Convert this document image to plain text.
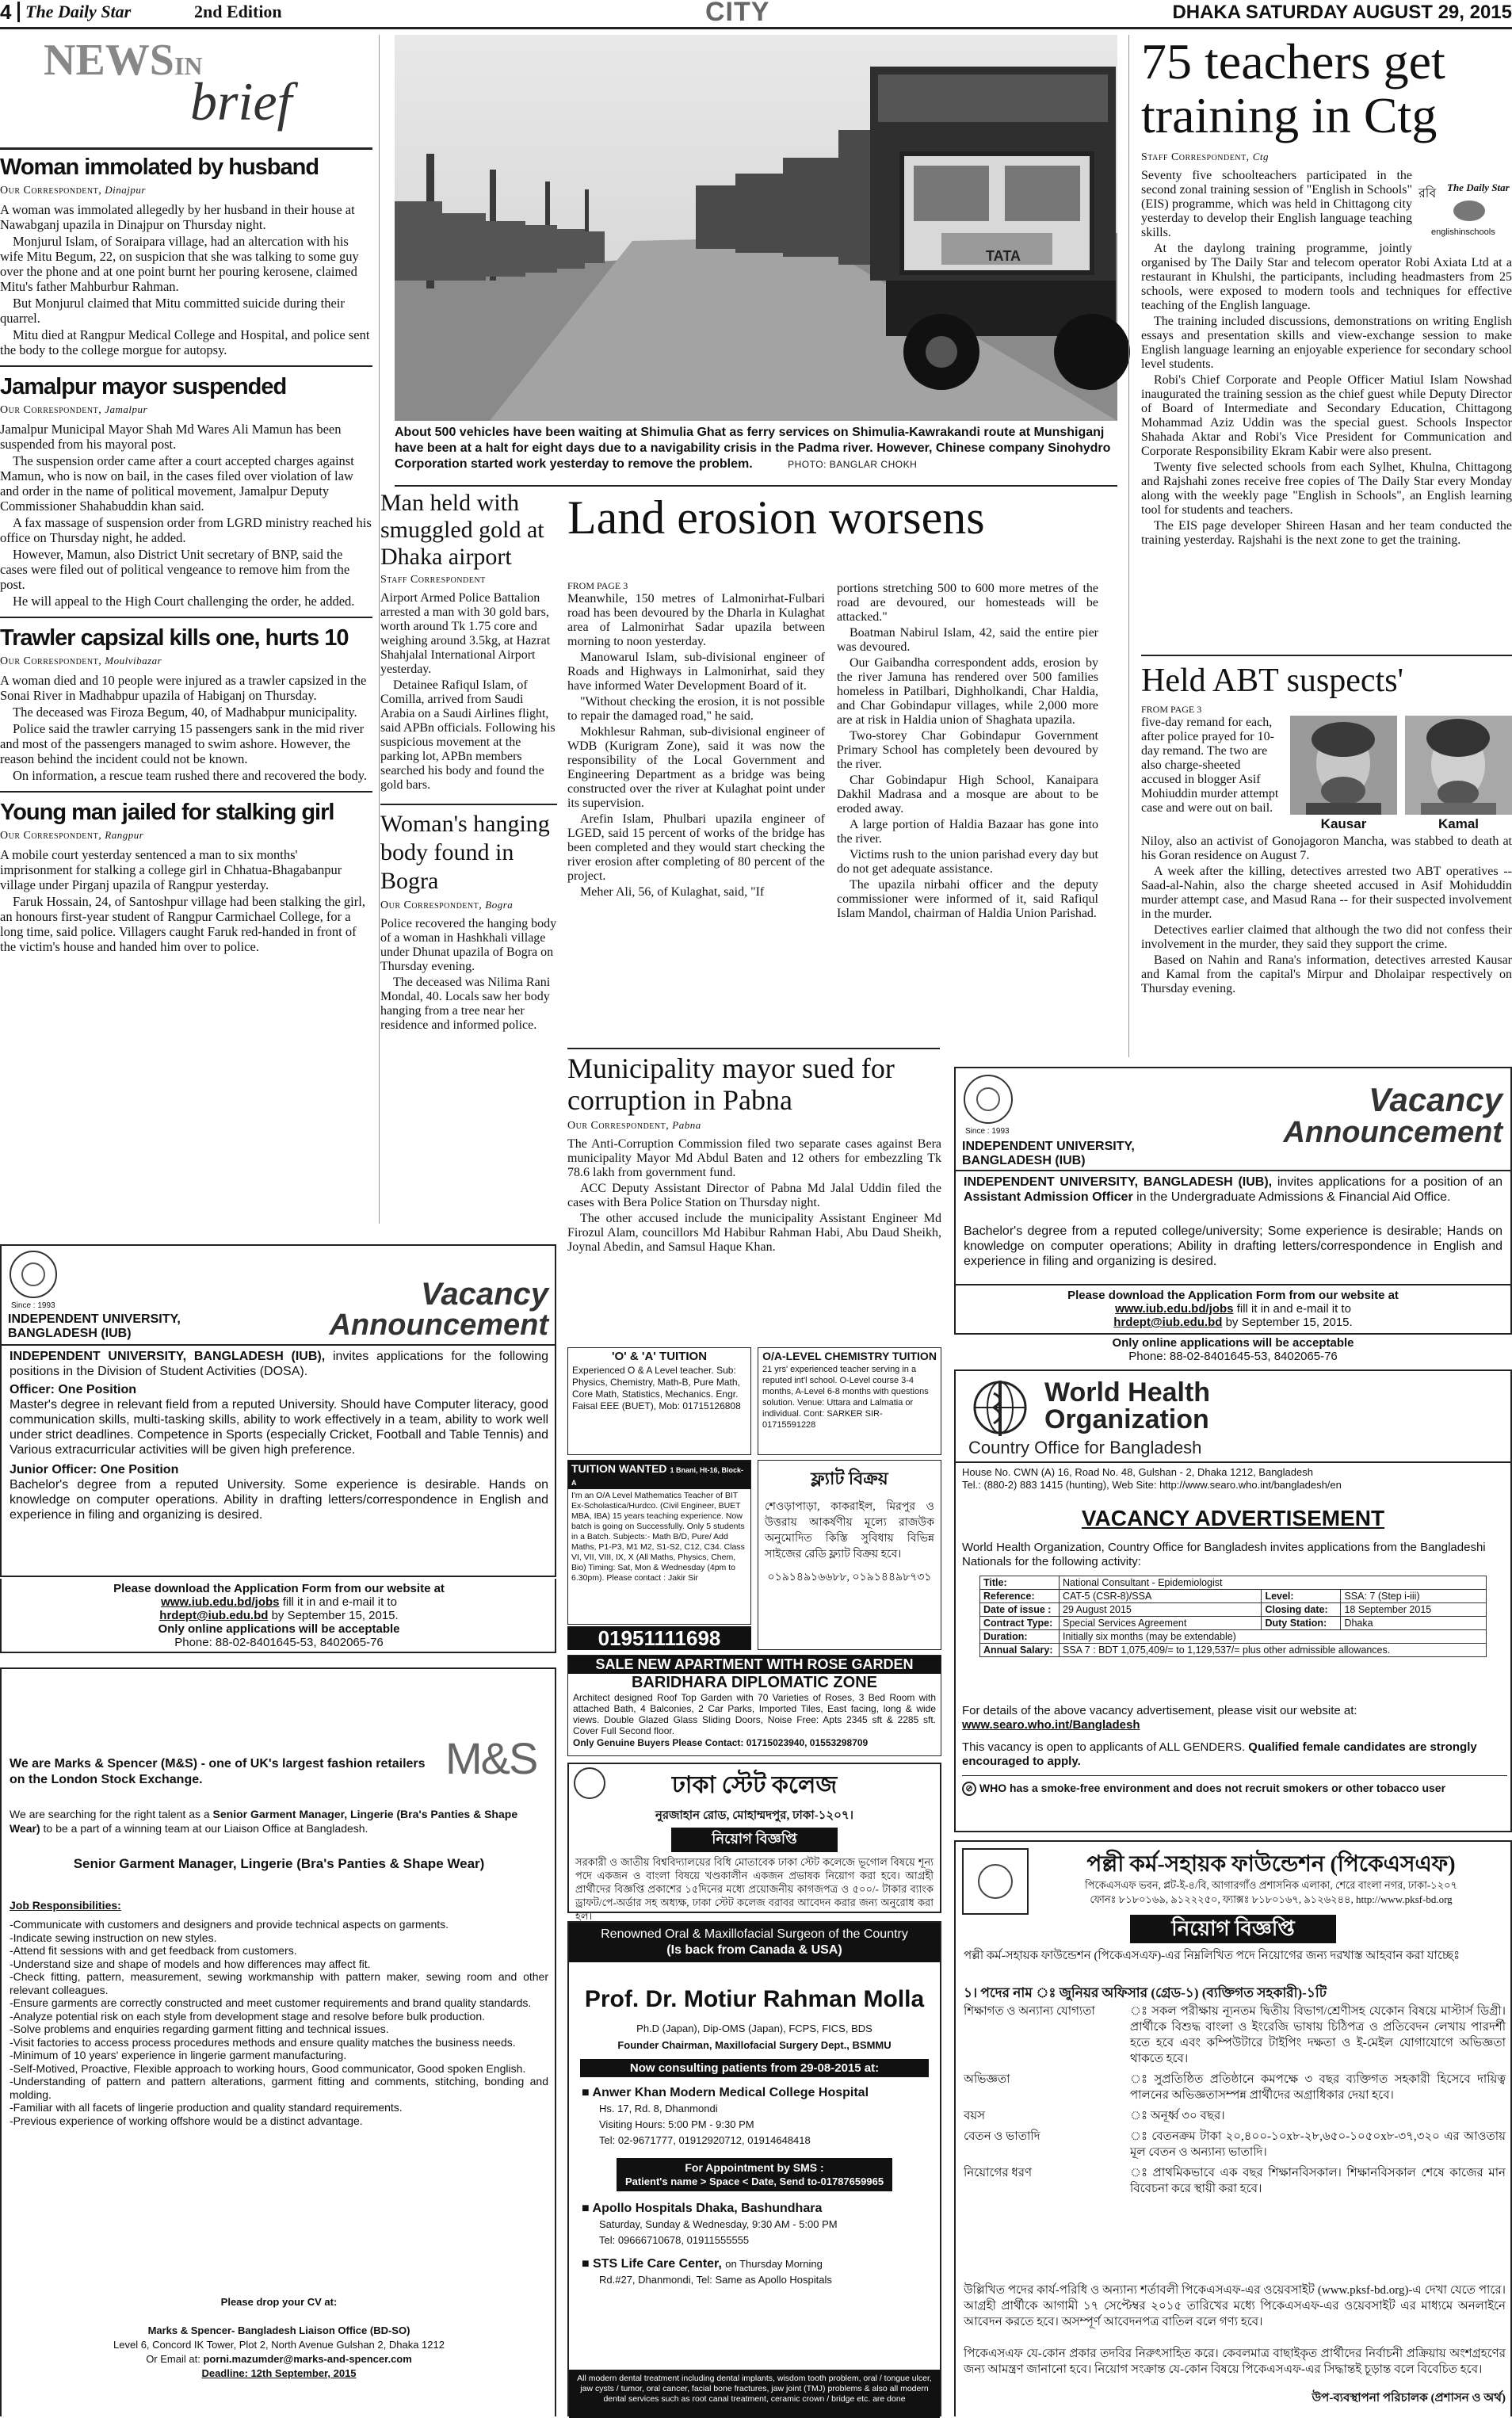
4 The Daily Star	2nd Edition	CITY	DHAKA SATURDAY AUGUST 29, 2015
NEWSIN
brief
Woman immolated by husband
Our Correspondent, Dinajpur

A woman was immolated allegedly by her husband in their house at Nawabganj upazila in Dinajpur on Thursday night.

Monjurul Islam, of Soraipara village, had an altercation with his wife Mitu Begum, 22, on suspicion that she was talking to some guy over the phone and at one point burnt her pouring kerosene, claimed Mitu's father Mahburbur Rahman.

But Monjurul claimed that Mitu committed suicide during their quarrel.

Mitu died at Rangpur Medical College and Hospital, and police sent the body to the college morgue for autopsy.

Jamalpur mayor suspended
Our Correspondent, Jamalpur

Jamalpur Municipal Mayor Shah Md Wares Ali Mamun has been suspended from his mayoral post.

The suspension order came after a court accepted charges against Mamun, who is now on bail, in the cases filed over violation of law and order in the name of political movement, Jamalpur Deputy Commissioner Shahabuddin khan said.

A fax massage of suspension order from LGRD ministry reached his office on Thursday night, he added.

However, Mamun, also District Unit secretary of BNP, said the cases were filed out of political vengeance to remove him from the post.

He will appeal to the High Court challenging the order, he added.

Trawler capsizal kills one, hurts 10
Our Correspondent, Moulvibazar

A woman died and 10 people were injured as a trawler capsized in the Sonai River in Madhabpur upazila of Habiganj on Thursday.

The deceased was Firoza Begum, 40, of Madhabpur municipality.

Police said the trawler carrying 15 passengers sank in the mid river and most of the passengers managed to swim ashore. However, the reason behind the incident could not be known.

On information, a rescue team rushed there and recovered the body.

Young man jailed for stalking girl
Our Correspondent, Rangpur

A mobile court yesterday sentenced a man to six months' imprisonment for stalking a college girl in Chhatua-Bhagabanpur village under Pirganj upazila of Rangpur yesterday.

Faruk Hossain, 24, of Santoshpur village had been stalking the girl, an honours first-year student of Rangpur Carmichael College, for a long time, said police. Villagers caught Faruk red-handed in front of the victim's house and handed him over to police.

TATA
About 500 vehicles have been waiting at Shimulia Ghat as ferry services on Shimulia-Kawrakandi route at Munshiganj have been at a halt for eight days due to a navigability crisis in the Padma river. However, Chinese company Sinohydro Corporation started work yesterday to remove the problem.	PHOTO: BANGLAR CHOKH
Man held with smuggled gold at Dhaka airport
Staff Correspondent

Airport Armed Police Battalion arrested a man with 30 gold bars, worth around Tk 1.75 core and weighing around 3.5kg, at Hazrat Shahjalal International Airport yesterday.

Detainee Rafiqul Islam, of Comilla, arrived from Saudi Arabia on a Saudi Airlines flight, said APBn officials. Following his suspicious movement at the parking lot, APBn members searched his body and found the gold bars.

Woman's hanging body found in Bogra
Our Correspondent, Bogra

Police recovered the hanging body of a woman in Hashkhali village under Dhunat upazila of Bogra on Thursday evening.

The deceased was Nilima Rani Mondal, 40. Locals saw her body hanging from a tree near her residence and informed police.

Land erosion worsens
FROM PAGE 3

Meanwhile, 150 metres of Lalmonirhat-Fulbari road has been devoured by the Dharla in Kulaghat area of Lalmonirhat Sadar upazila between morning to noon yesterday.

Manowarul Islam, sub-divisional engineer of Roads and Highways in Lalmonirhat, said they have informed Water Development Board of it.

"Without checking the erosion, it is not possible to repair the damaged road," he said.

Mokhlesur Rahman, sub-divisional engineer of WDB (Kurigram Zone), said it was now the responsibility of the Local Government and Engineering Department as a bridge was being constructed over the river at Kulaghat point under its supervision.

Arefin Islam, Phulbari upazila engineer of LGED, said 15 percent of works of the bridge has been completed and they would start checking the river erosion after completing of 80 percent of the project.

Meher Ali, 56, of Kulaghat, said, "If

portions stretching 500 to 600 more metres of the road are devoured, our homesteads will be attacked."

Boatman Nabirul Islam, 42, said the entire pier was devoured.

Our Gaibandha correspondent adds, erosion by the river Jamuna has rendered over 500 families homeless in Patilbari, Dighholkandi, Char Haldia, and Char Gobindapur villages, while 2,000 more are at risk in Haldia union of Shaghata upazila.

Two-storey Char Gobindapur Government Primary School has completely been devoured by the river.

Char Gobindapur High School, Kanaipara Dakhil Madrasa and a mosque are about to be eroded away.

A large portion of Haldia Bazaar has gone into the river.

Victims rush to the union parishad every day but do not get adequate assistance.

The upazila nirbahi officer and the deputy commissioner were informed of it, said Rafiqul Islam Mandol, chairman of Haldia Union Parishad.

Municipality mayor sued for corruption in Pabna
Our Correspondent, Pabna

The Anti-Corruption Commission filed two separate cases against Bera municipality Mayor Md Abdul Baten and 12 others for embezzling Tk 78.6 lakh from government fund.

ACC Deputy Assistant Director of Pabna Md Jalal Uddin filed the cases with Bera Police Station on Thursday night.

The other accused include the municipality Assistant Engineer Md Firozul Alam, councillors Md Habibur Rahman Habi, Abu Daud Sheikh, Joynal Abedin, and Samsul Haque Khan.

75 teachers get training in Ctg
Staff Correspondent, Ctg
রবি The Daily Star
englishinschools

Seventy five schoolteachers participated in the second zonal training session of "English in Schools" (EIS) programme, which was held in Chittagong city yesterday to develop their English language teaching skills.

At the daylong training programme, jointly organised by The Daily Star and telecom operator Robi Axiata Ltd at a restaurant in Khulshi, the participants, including headmasters from 25 schools, were exposed to modern tools and techniques for effective teaching of the English language.

The training included discussions, demonstrations on writing English essays and presentation skills and view-exchange session to make English language learning an enjoyable experience for secondary school level students.

Robi's Chief Corporate and People Officer Matiul Islam Nowshad inaugurated the training session as the chief guest while Deputy Director of Board of Intermediate and Secondary Education, Chittagong Mohammad Aziz Uddin was the special guest. Schools Inspector Shahada Aktar and Robi's Vice President for Communication and Corporate Responsibility Ekram Kabir were also present.

Twenty five selected schools from each Sylhet, Khulna, Chittagong and Rajshahi zones receive free copies of The Daily Star every Monday along with the weekly page "English in Schools", an English learning tool for students and teachers.

The EIS page developer Shireen Hasan and her team conducted the training yesterday. Rajshahi is the next zone to get the training.

Held ABT suspects'
FROM PAGE 3
Kausar	Kamal

five-day remand for each, after police prayed for 10-day remand. The two are also charge-sheeted accused in blogger Asif Mohiuddin murder attempt case and were out on bail.

Niloy, also an activist of Gonojagoron Mancha, was stabbed to death at his Goran residence on August 7.

A week after the killing, detectives arrested two ABT operatives -- Saad-al-Nahin, also the charge sheeted accused in Asif Mohiduddin murder attempt case, and Masud Rana -- for their suspected involvement in the murder.

Detectives earlier claimed that although the two did not confess their involvement in the murder, they said they support the crime.

Based on Nahin and Rana's information, detectives arrested Kausar and Kamal from the capital's Mirpur and Dholaipar respectively on Thursday evening.

Since : 1993
INDEPENDENT UNIVERSITY, BANGLADESH (IUB)
Vacancy
Announcement
INDEPENDENT UNIVERSITY, BANGLADESH (IUB), invites applications for a position of an Assistant Admission Officer in the Undergraduate Admissions & Financial Aid Office.
Bachelor's degree from a reputed college/university; Some experience is desirable; Hands on knowledge on computer operations; Ability in drafting letters/correspondence in English and experience in filing and organizing is desired.
Please download the Application Form from our website at
www.iub.edu.bd/jobs fill it in and e-mail it to
hrdept@iub.edu.bd by September 15, 2015.
Only online applications will be acceptable
Phone: 88-02-8401645-53, 8402065-76
Since : 1993
INDEPENDENT UNIVERSITY, BANGLADESH (IUB)
Vacancy
Announcement
INDEPENDENT UNIVERSITY, BANGLADESH (IUB), invites applications for the following positions in the Division of Student Activities (DOSA).
Officer: One Position
Master's degree in relevant field from a reputed University. Should have Computer literacy, good communication skills, multi-tasking skills, ability to work effectively in a team, ability to work well under strict deadlines. Competence in Sports (especially Cricket, Football and Table Tennis) and Various extracurricular activities will be given high preference.
Junior Officer: One Position
Bachelor's degree from a reputed University. Some experience is desirable. Hands on knowledge on computer operations. Ability in drafting letters/correspondence in English and experience in filing and organizing is desired.
Please download the Application Form from our website at
www.iub.edu.bd/jobs fill it in and e-mail it to
hrdept@iub.edu.bd by September 15, 2015.
Only online applications will be acceptable
Phone: 88-02-8401645-53, 8402065-76
We are Marks & Spencer (M&S) - one of UK's largest fashion retailers on the London Stock Exchange.	M&S
We are searching for the right talent as a Senior Garment Manager, Lingerie (Bra's Panties & Shape Wear) to be a part of a winning team at our Liaison Office at Bangladesh.
Senior Garment Manager, Lingerie (Bra's Panties & Shape Wear)
Job Responsibilities:
-Communicate with customers and designers and provide technical aspects on garments.
-Indicate sewing instruction on new styles.
-Attend fit sessions with and get feedback from customers.
-Understand size and shape of models and how differences may affect fit.
-Check fitting, pattern, measurement, sewing workmanship with pattern maker, sewing room and other relevant colleagues.
-Ensure garments are correctly constructed and meet customer requirements and brand quality standards.
-Analyze potential risk on each style from development stage and resolve before bulk production.
-Solve problems and enquiries regarding garment fitting and technical issues.
-Visit factories to access process procedures methods and ensure quality matches the business needs.
-Minimum of 10 years' experience in lingerie garment manufacturing.
-Self-Motived, Proactive, Flexible approach to working hours, Good communicator, Good spoken English.
-Understanding of pattern and pattern alterations, garment fitting and comments, stitching, bonding and molding.
-Familiar with all facets of lingerie production and quality standard requirements.
-Previous experience of working offshore would be a distinct advantage.
Please drop your CV at:

Marks & Spencer- Bangladesh Liaison Office (BD-SO)
Level 6, Concord IK Tower, Plot 2, North Avenue Gulshan 2, Dhaka 1212
Or Email at: porni.mazumder@marks-and-spencer.com
Deadline: 12th September, 2015
'O' & 'A' TUITION
Experienced O & A Level teacher. Sub: Physics, Chemistry, Math-B, Pure Math, Core Math, Statistics, Mechanics. Engr. Faisal EEE (BUET), Mob: 01715126808
O/A-LEVEL CHEMISTRY TUITION
21 yrs' experienced teacher serving in a reputed int'l school. O-Level course 3-4 months, A-Level 6-8 months with questions solution. Venue: Uttara and Lalmatia or individual. Cont: SARKER SIR- 01715591228
TUITION WANTED 1 Bnani, Ht-16, Block-A
I'm an O/A Level Mathematics Teacher of BIT Ex-Scholastica/Hurdco. (Civil Engineer, BUET MBA, IBA) 15 years teaching experience. Now batch is going on Successfully. Only 5 students in a Batch. Subjects:- Math B/D, Pure/ Add Maths, P1-P3, M1 M2, S1-S2, C12, C34. Class VI, VII, VIII, IX, X (All Maths, Physics, Chem, Bio) Timing: Sat, Mon & Wednesday (4pm to 6.30pm). Please contact : Jakir Sir
01951111698
ফ্ল্যাট বিক্রয়
শেওড়াপাড়া, কাকরাইল, মিরপুর ও উত্তরায় আকর্ষণীয় মূল্যে রাজউক অনুমোদিত কিস্তি সুবিধায় বিভিন্ন সাইজের রেডি ফ্ল্যাট বিক্রয় হবে।
০১৯১৪৯১৬৬৮৮, ০১৯১৪৪৯৮৭৩১
SALE NEW APARTMENT WITH ROSE GARDEN
BARIDHARA DIPLOMATIC ZONE
Architect designed Roof Top Garden with 70 Varieties of Roses, 3 Bed Room with attached Bath, 4 Balconies, 2 Car Parks, Imported Tiles, East facing, long & wide views. Double Glazed Glass Sliding Doors, Noise Free: Apts 2345 sft & 2285 sft. Cover Full Second floor.
Only Genuine Buyers Please Contact: 01715023940, 01553298709
ঢাকা স্টেট কলেজ
নুরজাহান রোড, মোহাম্মদপুর, ঢাকা-১২০৭।
নিয়োগ বিজ্ঞপ্তি
সরকারী ও জাতীয় বিশ্ববিদ্যালয়ের বিধি মোতাবেক ঢাকা স্টেট কলেজে ভূগোল বিষয়ে শূন্য পদে একজন ও বাংলা বিষয়ে খণ্ডকালীন একজন প্রভাষক নিয়োগ করা হবে। আগ্রহী প্রার্থীদের বিজ্ঞপ্তি প্রকাশের ১৫দিনের মধ্যে প্রয়োজনীয় কাগজপত্র ও ৫০০/- টাকার ব্যাংক ড্রাফট/পে-অর্ডার সহ অধ্যক্ষ, ঢাকা স্টেট কলেজ বরাবর আবেদন করার জন্য অনুরোধ করা হল।
Renowned Oral & Maxillofacial Surgeon of the Country
(Is back from Canada & USA)
Prof. Dr. Motiur Rahman Molla
Ph.D (Japan), Dip-OMS (Japan), FCPS, FICS, BDS
Founder Chairman, Maxillofacial Surgery Dept., BSMMU
Now consulting patients from 29-08-2015 at:
■ Anwer Khan Modern Medical College Hospital
Hs. 17, Rd. 8, Dhanmondi
Visiting Hours: 5:00 PM - 9:30 PM
Tel: 02-9671777, 01912920712, 01914648418
For Appointment by SMS :
Patient's name > Space < Date, Send to-01787659965
■ Apollo Hospitals Dhaka, Bashundhara
Saturday, Sunday & Wednesday, 9:30 AM - 5:00 PM
Tel: 09666710678, 01911555555
■ STS Life Care Center, on Thursday Morning
Rd.#27, Dhanmondi, Tel: Same as Apollo Hospitals
All modern dental treatment including dental implants, wisdom tooth problem, oral / tongue ulcer, jaw cysts / tumor, oral cancer, facial bone fractures, jaw joint (TMJ) problems & also all modern dental services such as root canal treatment, ceramic crown / bridge etc. are done
World Health
Organization
Country Office for Bangladesh
House No. CWN (A) 16, Road No. 48, Gulshan - 2, Dhaka 1212, Bangladesh
Tel.: (880-2) 883 1415 (hunting), Web Site: http://www.searo.who.int/bangladesh/en
VACANCY ADVERTISEMENT
World Health Organization, Country Office for Bangladesh invites applications from the Bangladeshi Nationals for the following activity:
Title:	National Consultant - Epidemiologist		
Reference:	CAT-5 (CSR-8)/SSA	Level:	SSA: 7 (Step i-iii)
Date of issue :	29 August 2015	Closing date:	18 September 2015
Contract Type:	Special Services Agreement	Duty Station:	Dhaka
Duration:	Initially six months (may be extendable)		
Annual Salary:	SSA 7 : BDT 1,075,409/= to 1,129,537/= plus other admissible allowances.		
For details of the above vacancy advertisement, please visit our website at:
www.searo.who.int/Bangladesh
This vacancy is open to applicants of ALL GENDERS. Qualified female candidates are strongly encouraged to apply.
⊘ WHO has a smoke-free environment and does not recruit smokers or other tobacco user
পল্লী কর্ম-সহায়ক ফাউন্ডেশন (পিকেএসএফ)
পিকেএসএফ ভবন, প্লট-ই-৪/বি, আগারগাঁও প্রশাসনিক এলাকা, শেরে বাংলা নগর, ঢাকা-১২০৭
ফোনঃ ৮১৮০১৬৯, ৯১২২২৫০, ফ্যাক্সঃ ৮১৮০১৬৭, ৯১২৬২৪৪, http://www.pksf-bd.org
নিয়োগ বিজ্ঞপ্তি
পল্লী কর্ম-সহায়ক ফাউন্ডেশন (পিকেএসএফ)-এর নিম্নলিখিত পদে নিয়োগের জন্য দরখাস্ত আহবান করা যাচ্ছেঃ
১। পদের নাম ঃ জুনিয়র অফিসার (গ্রেড-১) (ব্যক্তিগত সহকারী)-১টি
শিক্ষাগত ও অন্যান্য যোগ্যতা	ঃ সকল পরীক্ষায় ন্যূনতম দ্বিতীয় বিভাগ/শ্রেণীসহ যেকোন বিষয়ে মাস্টার্স ডিগ্রী। প্রার্থীকে বিশুদ্ধ বাংলা ও ইংরেজি ভাষায় চিঠিপত্র ও প্রতিবেদন লেখায় পারদর্শী হতে হবে এবং কম্পিউটারে টাইপিং দক্ষতা ও ই-মেইল যোগাযোগে অভিজ্ঞতা থাকতে হবে।
অভিজ্ঞতা	ঃ সুপ্রতিষ্ঠিত প্রতিষ্ঠানে কমপক্ষে ৩ বছর ব্যক্তিগত সহকারী হিসেবে দায়িত্ব পালনের অভিজ্ঞতাসম্পন্ন প্রার্থীদের অগ্রাধিকার দেয়া হবে।
বয়স	ঃ অনূর্ধ্ব ৩০ বছর।
বেতন ও ভাতাদি	ঃ বেতনক্রম টাকা ২০,৪০০-১০x৮-২৮,৬৫০-১০৫০x৮-৩৭,৩২০ এর আওতায় মূল বেতন ও অন্যান্য ভাতাদি।
নিয়োগের ধরণ	ঃ প্রাথমিকভাবে এক বছর শিক্ষানবিসকাল। শিক্ষানবিসকাল শেষে কাজের মান বিবেচনা করে স্থায়ী করা হবে।
উল্লিখিত পদের কার্য-পরিধি ও অন্যান্য শর্তাবলী পিকেএসএফ-এর ওয়েবসাইট (www.pksf-bd.org)-এ দেখা যেতে পারে। আগ্রহী প্রার্থীকে আগামী ১৭ সেপ্টেম্বর ২০১৫ তারিখের মধ্যে পিকেএসএফ-এর ওয়েবসাইট এর মাধ্যমে অনলাইনে আবেদন করতে হবে। অসম্পূর্ণ আবেদনপত্র বাতিল বলে গণ্য হবে।
পিকেএসএফ যে-কোন প্রকার তদবির নিরুৎসাহিত করে। কেবলমাত্র বাছাইকৃত প্রার্থীদের নির্বাচনী প্রক্রিয়ায় অংশগ্রহণের জন্য আমন্ত্রণ জানানো হবে। নিয়োগ সংক্রান্ত যে-কোন বিষয়ে পিকেএসএফ-এর সিদ্ধান্তই চূড়ান্ত বলে বিবেচিত হবে।
উপ-ব্যবস্থাপনা পরিচালক (প্রশাসন ও অর্থ)
